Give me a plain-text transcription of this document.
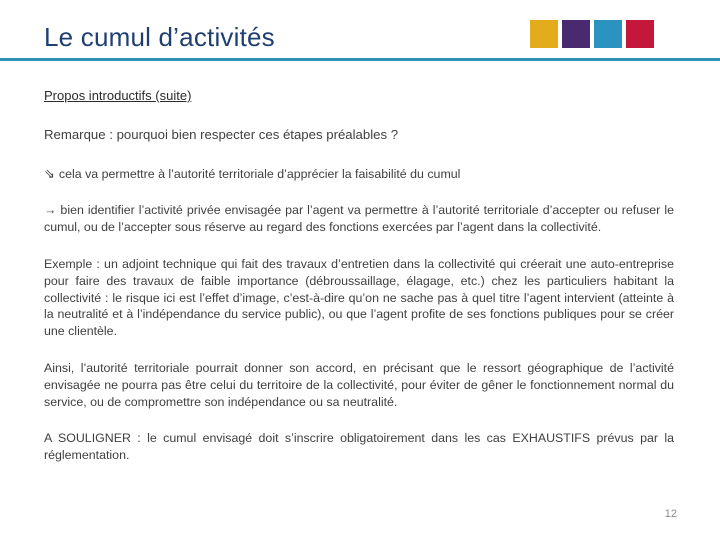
Le cumul d’activités

Propos introductifs (suite)

Remarque : pourquoi bien respecter ces étapes préalables ?

⇘ cela va permettre à l’autorité territoriale d’apprécier la faisabilité du cumul

→ bien identifier l’activité privée envisagée par l’agent va permettre à l’autorité territoriale d’accepter ou refuser le cumul, ou de l’accepter sous réserve au regard des fonctions exercées par l’agent dans la collectivité.

Exemple : un adjoint technique qui fait des travaux d’entretien dans la collectivité qui créerait une auto-entreprise pour faire des travaux de faible importance (débroussaillage, élagage, etc.) chez les particuliers habitant la collectivité : le risque ici est l’effet d’image, c’est-à-dire qu’on ne sache pas à quel titre l’agent intervient (atteinte à la neutralité et à l’indépendance du service public), ou que l’agent profite de ses fonctions publiques pour se créer une clientèle.

Ainsi, l’autorité territoriale pourrait donner son accord, en précisant que le ressort géographique de l’activité envisagée ne pourra pas être celui du territoire de la collectivité, pour éviter de gêner le fonctionnement normal du service, ou de compromettre son indépendance ou sa neutralité.

A SOULIGNER : le cumul envisagé doit s’inscrire obligatoirement dans les cas EXHAUSTIFS prévus par la réglementation.

12
